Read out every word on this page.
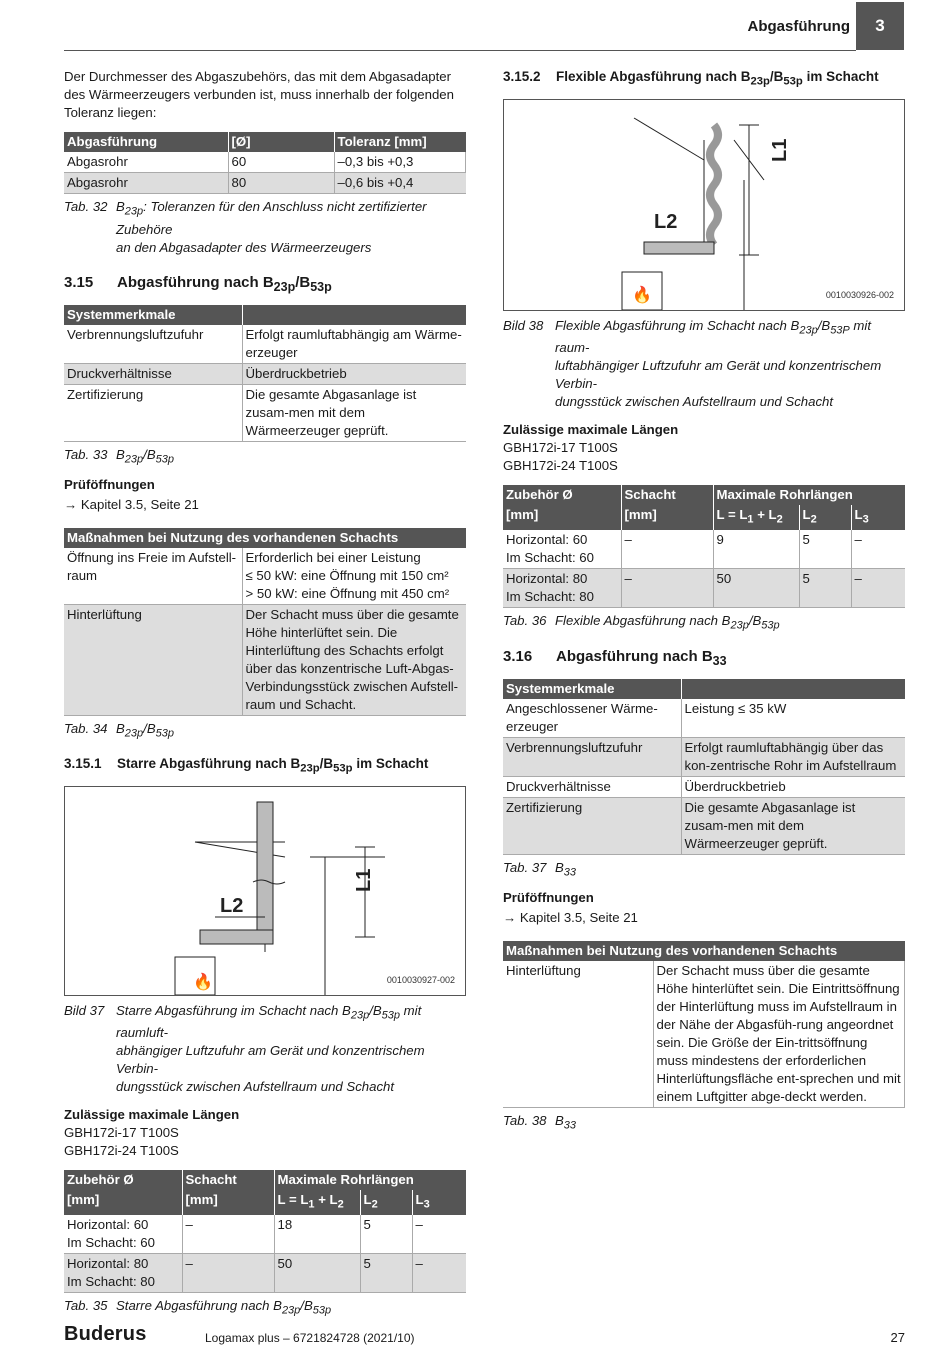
Abgasführung	3

Der Durchmesser des Abgaszubehörs, das mit dem Abgasadapter des Wärmeerzeugers verbunden ist, muss innerhalb der folgenden Toleranz liegen:

Abgasführung	[Ø]	Toleranz [mm]
Abgasrohr	60	–0,3 bis +0,3
Abgasrohr	80	–0,6 bis +0,4
Tab. 32 $B_{23p}$: Toleranzen für den Anschluss nicht zertifizierter Zubehöre
an den Abgasadapter des Wärmeerzeugers
3.15 Abgasführung nach $B_{23p}/B_{53p}$
Systemmerkmale	
Verbrennungsluftzufuhr	Erfolgt raumluftabhängig am Wärme-erzeuger
Druckverhältnisse	Überdruckbetrieb
Zertifizierung	Die gesamte Abgasanlage ist zusam-men mit dem Wärmeerzeuger geprüft.
Tab. 33 $B_{23p}/B_{53p}$
Prüföffnungen
→ Kapitel 3.5, Seite 21
Maßnahmen bei Nutzung des vorhandenen Schachts	
Öffnung ins Freie im Aufstell-raum	Erforderlich bei einer Leistung
≤ 50 kW: eine Öffnung mit 150 cm²
> 50 kW: eine Öffnung mit 450 cm²

Hinterlüftung	Der Schacht muss über die gesamte Höhe hinterlüftet sein. Die Hinterlüftung des Schachts erfolgt über das konzentrische Luft-Abgas-Verbindungsstück zwischen Aufstell-raum und Schacht.
Tab. 34 $B_{23p}/B_{53p}$
3.15.1 Starre Abgasführung nach $B_{23p}/B_{53p}$ im Schacht
L1
L2
🔥	0010030927-002
Bild 37 Starre Abgasführung im Schacht nach $B_{23p}/B_{53p}$ mit raumluft-
abhängiger Luftzufuhr am Gerät und konzentrischem Verbin-
dungsstück zwischen Aufstellraum und Schacht
Zulässige maximale Längen
GBH172i-17 T100S
GBH172i-24 T100S
Zubehör Ø	Schacht	Maximale Rohrlängen		
[mm]	[mm]	$L = L_1 + L_2$	$L_2$	$L_3$

Horizontal: 60
Im Schacht: 60	–	18	5	–

Horizontal: 80
Im Schacht: 80	–	50	5	–
Tab. 35 Starre Abgasführung nach $B_{23p}/B_{53p}$
3.15.2 Flexible Abgasführung nach $B_{23p}/B_{53p}$ im Schacht
L1
L2
🔥	0010030926-002
Bild 38 Flexible Abgasführung im Schacht nach $B_{23p}/B_{53P}$ mit raum-
luftabhängiger Luftzufuhr am Gerät und konzentrischem Verbin-
dungsstück zwischen Aufstellraum und Schacht
Zulässige maximale Längen
GBH172i-17 T100S
GBH172i-24 T100S
Zubehör Ø	Schacht	Maximale Rohrlängen		
[mm]	[mm]	$L = L_1 + L_2$	$L_2$	$L_3$

Horizontal: 60
Im Schacht: 60	–	9	5	–

Horizontal: 80
Im Schacht: 80	–	50	5	–
Tab. 36 Flexible Abgasführung nach $B_{23p}/B_{53p}$
3.16 Abgasführung nach $B_{33}$
Systemmerkmale	
Angeschlossener Wärme-erzeuger	Leistung ≤ 35 kW
Verbrennungsluftzufuhr	Erfolgt raumluftabhängig über das kon-zentrische Rohr im Aufstellraum
Druckverhältnisse	Überdruckbetrieb
Zertifizierung	Die gesamte Abgasanlage ist zusam-men mit dem Wärmeerzeuger geprüft.
Tab. 37 $B_{33}$
Prüföffnungen
→ Kapitel 3.5, Seite 21
Maßnahmen bei Nutzung des vorhandenen Schachts
Hinterlüftung	Der Schacht muss über die gesamte Höhe hinterlüftet sein. Die Eintrittsöffnung der Hinterlüftung muss im Aufstellraum in der Nähe der Abgasfüh-rung angeordnet sein. Die Größe der Ein-trittsöffnung muss mindestens der erforderlichen Hinterlüftungsfläche ent-sprechen und mit einem Luftgitter abge-deckt werden.
Tab. 38 $B_{33}$
Buderus	Logamax plus – 6721824728 (2021/10)	27
